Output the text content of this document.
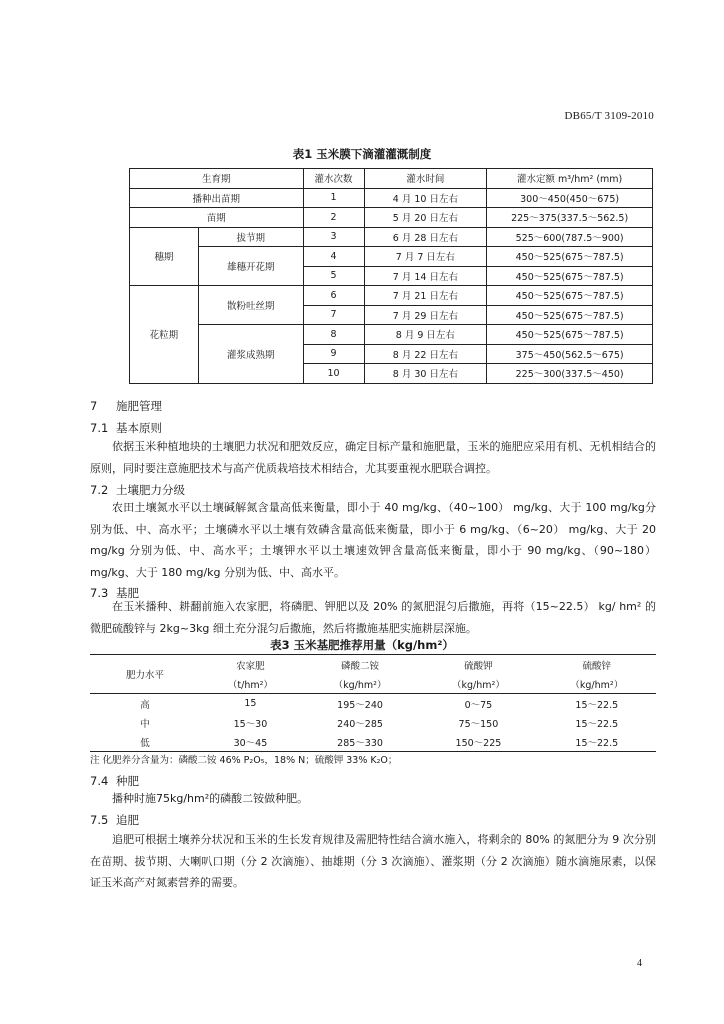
DB65/T 3109-2010
表1 玉米膜下滴灌灌溉制度
生育期		灌水次数	灌水时间	灌水定额 m³/hm² (mm)
播种出苗期		1	4 月 10 日左右	300～450(450～675)
苗期		2	5 月 20 日左右	225～375(337.5～562.5)
穗期	拔节期	3	6 月 28 日左右	525～600(787.5～900)
	雄穗开花期	4	7 月 7 日左右	450～525(675～787.5)
		5	7 月 14 日左右	450～525(675～787.5)
花粒期	散粉吐丝期	6	7 月 21 日左右	450～525(675～787.5)
		7	7 月 29 日左右	450～525(675～787.5)
	灌浆成熟期	8	8 月 9 日左右	450～525(675～787.5)
		9	8 月 22 日左右	375～450(562.5～675)
		10	8 月 30 日左右	225～300(337.5～450)
7 施肥管理
7.1 基本原则

依据玉米种植地块的土壤肥力状况和肥效反应，确定目标产量和施肥量，玉米的施肥应采用有机、无机相结合的原则，同时要注意施肥技术与高产优质栽培技术相结合，尤其要重视水肥联合调控。

7.2 土壤肥力分级

农田土壤氮水平以土壤碱解氮含量高低来衡量，即小于 40 mg/kg、（40~100） mg/kg、大于 100 mg/kg分别为低、中、高水平；土壤磷水平以土壤有效磷含量高低来衡量，即小于 6 mg/kg、（6~20） mg/kg、大于 20 mg/kg 分别为低、中、高水平；土壤钾水平以土壤速效钾含量高低来衡量，即小于 90 mg/kg、（90~180） mg/kg、大于 180 mg/kg 分别为低、中、高水平。

7.3 基肥

在玉米播种、耕翻前施入农家肥，将磷肥、钾肥以及 20% 的氮肥混匀后撒施，再将（15~22.5） kg/ hm² 的微肥硫酸锌与 2kg~3kg 细土充分混匀后撒施，然后将撒施基肥实施耕层深施。

表3 玉米基肥推荐用量（kg/hm²）
肥力水平	农家肥	磷酸二铵	硫酸钾	硫酸锌
	（t/hm²）	（kg/hm²）	（kg/hm²）	（kg/hm²）
高	15	195～240	0～75	15～22.5
中	15～30	240～285	75～150	15～22.5
低	30～45	285～330	150～225	15～22.5
注 化肥养分含量为：磷酸二铵 46% P₂O₅，18% N；硫酸钾 33% K₂O；
7.4 种肥

播种时施75kg/hm²的磷酸二铵做种肥。

7.5 追肥

追肥可根据土壤养分状况和玉米的生长发育规律及需肥特性结合滴水施入，将剩余的 80% 的氮肥分为 9 次分别在苗期、拔节期、大喇叭口期（分 2 次滴施）、抽雄期（分 3 次滴施）、灌浆期（分 2 次滴施）随水滴施尿素，以保证玉米高产对氮素营养的需要。

4
